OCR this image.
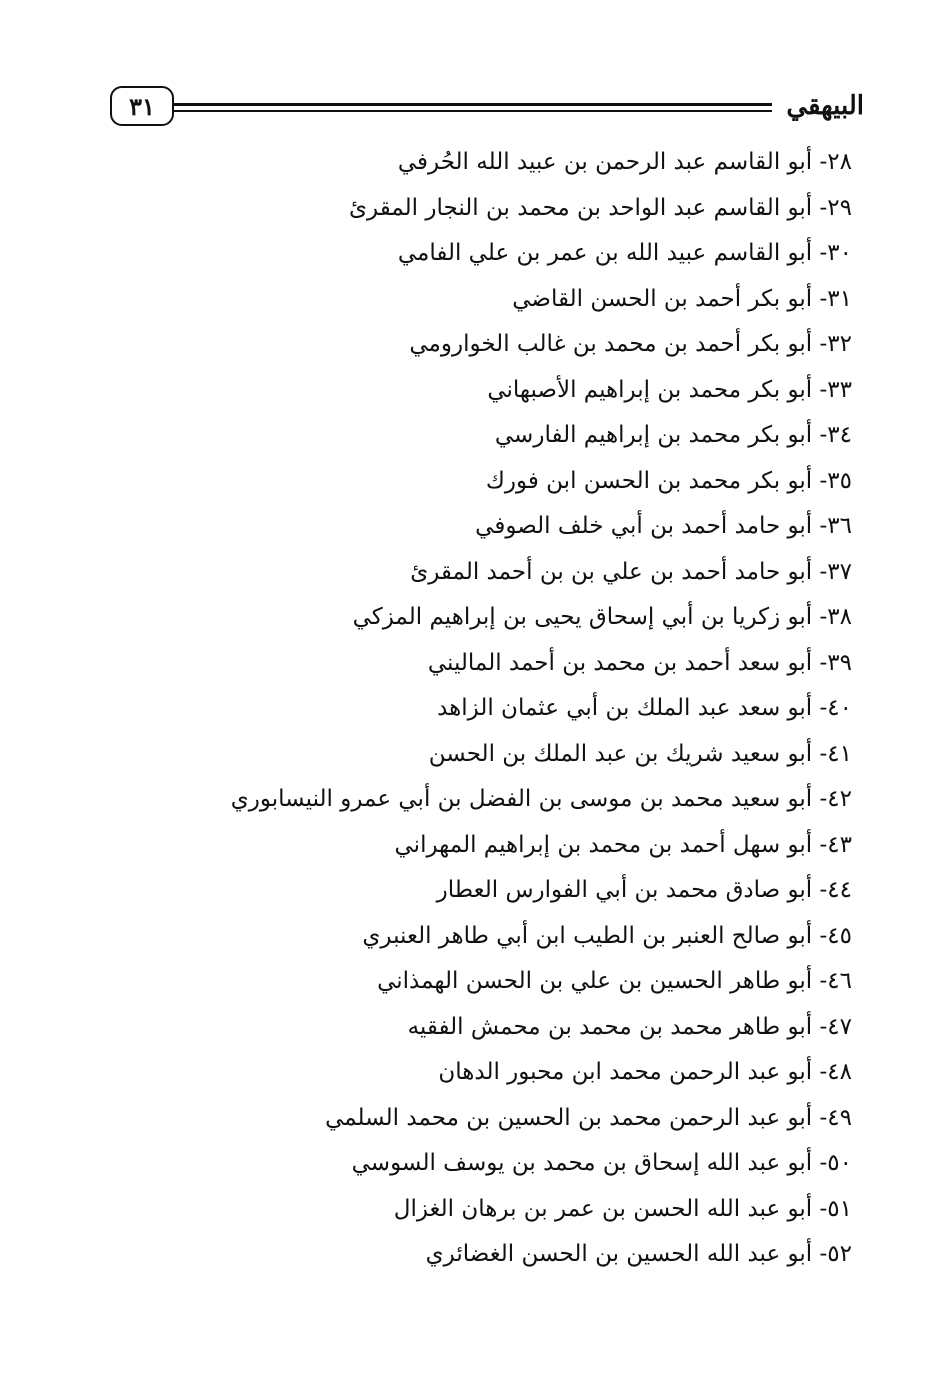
٣١	البيهقي
٢٨- أبو القاسم عبد الرحمن بن عبيد الله الحُرفي
٢٩- أبو القاسم عبد الواحد بن محمد بن النجار المقرئ
٣٠- أبو القاسم عبيد الله بن عمر بن علي الفامي
٣١- أبو بكر أحمد بن الحسن القاضي
٣٢- أبو بكر أحمد بن محمد بن غالب الخوارومي
٣٣- أبو بكر محمد بن إبراهيم الأصبهاني
٣٤- أبو بكر محمد بن إبراهيم الفارسي
٣٥- أبو بكر محمد بن الحسن ابن فورك
٣٦- أبو حامد أحمد بن أبي خلف الصوفي
٣٧- أبو حامد أحمد بن علي بن بن أحمد المقرئ
٣٨- أبو زكريا بن أبي إسحاق يحيى بن إبراهيم المزكي
٣٩- أبو سعد أحمد بن محمد بن أحمد الماليني
٤٠- أبو سعد عبد الملك بن أبي عثمان الزاهد
٤١- أبو سعيد شريك بن عبد الملك بن الحسن
٤٢- أبو سعيد محمد بن موسى بن الفضل بن أبي عمرو النيسابوري
٤٣- أبو سهل أحمد بن محمد بن إبراهيم المهراني
٤٤- أبو صادق محمد بن أبي الفوارس العطار
٤٥- أبو صالح العنبر بن الطيب ابن أبي طاهر العنبري
٤٦- أبو طاهر الحسين بن علي بن الحسن الهمذاني
٤٧- أبو طاهر محمد بن محمد بن محمش الفقيه
٤٨- أبو عبد الرحمن محمد ابن محبور الدهان
٤٩- أبو عبد الرحمن محمد بن الحسين بن محمد السلمي
٥٠- أبو عبد الله إسحاق بن محمد بن يوسف السوسي
٥١- أبو عبد الله الحسن بن عمر بن برهان الغزال
٥٢- أبو عبد الله الحسين بن الحسن الغضائري
